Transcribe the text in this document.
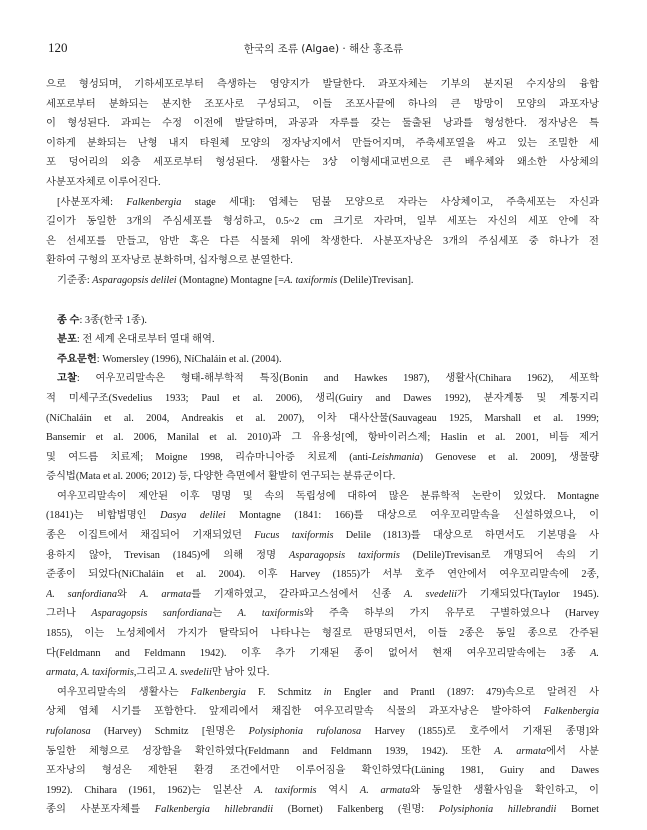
120	한국의 조류 (Algae) · 해산 홍조류
으로 형성되며, 기하세포로부터 측생하는 영양지가 발달한다. 과포자체는 기부의 분지된 수지상의 융합
세포로부터 분화되는 분지한 조포사로 구성되고, 이들 조포사끝에 하나의 큰 방망이 모양의 과포자낭
이 형성된다. 과피는 수정 이전에 발달하며, 과공과 자루를 갖는 둘출된 낭과를 형성한다. 정자낭은 특
이하게 분화되는 난형 내지 타원체 모양의 정자낭지에서 만들어지며, 주축세포열을 싸고 있는 조밀한 세
포 덩어리의 외층 세포로부터 형성된다. 생활사는 3상 이형세대교번으로 큰 배우체와 왜소한 사상체의
사분포자체로 이루어진다.
[사분포자체: Falkenbergia stage 세대]: 엽체는 덤불 모양으로 자라는 사상체이고, 주축세포는 자신과
길이가 동일한 3개의 주심세포를 형성하고, 0.5~2 cm 크기로 자라며, 일부 세포는 자신의 세포 안에 작
은 선세포를 만들고, 암반 혹은 다른 식물체 위에 착생한다. 사분포자낭은 3개의 주심세포 중 하나가 전
환하여 구형의 포자낭로 분화하며, 십자형으로 분열한다.
기준종: Asparagopsis delilei (Montagne) Montagne [=A. taxiformis (Delile)Trevisan].
종 수: 3종(한국 1종).
분포: 전 세계 온대로부터 열대 해역.
주요문헌: Womersley (1996), NíChaláin et al. (2004).
고찰: 여우꼬리말속은 형태-해부학적 특징(Bonin and Hawkes 1987), 생활사(Chihara 1962), 세포학
적 미세구조(Svedelius 1933; Paul et al. 2006), 생리(Guiry and Dawes 1992), 분자계통 및 계통지리
(NíChaláin et al. 2004, Andreakis et al. 2007), 이차 대사산물(Sauvageau 1925, Marshall et al. 1999;
Bansemir et al. 2006, Manilal et al. 2010)과 그 유용성[예, 항바이러스제; Haslin et al. 2001, 비듬 제거
및 여드름 치료제; Moigne 1998, 리슈마니아증 치료제 (anti-Leishmania) Genovese et al. 2009], 생물량
증식법(Mata et al. 2006; 2012) 등, 다양한 측면에서 활발히 연구되는 분류군이다.
여우꼬리말속이 제안된 이후 명명 및 속의 독립성에 대하여 많은 분류학적 논란이 있었다. Montagne
(1841)는 비합법명인 Dasya delilei Montagne (1841: 166)를 대상으로 여우꼬리말속을 신설하였으나, 이
종은 이집트에서 채집되어 기재되었던 Fucus taxiformis Delile (1813)를 대상으로 하면서도 기본명을 사
용하지 않아, Trevisan (1845)에 의해 정명 Asparagopsis taxiformis (Delile)Trevisan로 개명되어 속의 기
준종이 되었다(NíChaláin et al. 2004). 이후 Harvey (1855)가 서부 호주 연안에서 여우꼬리말속에 2종,
A. sanfordiana와 A. armata를 기재하였고, 갈라파고스섬에서 신종 A. svedelii가 기재되었다(Taylor 1945).
그러나 Asparagopsis sanfordiana는 A. taxiformis와 주축 하부의 가지 유무로 구별하였으나 (Harvey
1855), 이는 노성체에서 가지가 탈락되어 나타나는 형질로 판명되면서, 이들 2종은 동일 종으로 간주된
다(Feldmann and Feldmann 1942). 이후 추가 기재된 종이 없어서 현재 여우꼬리말속에는 3종 A.
armata, A. taxiformis,그리고 A. svedelii만 남아 있다.
여우꼬리말속의 생활사는 Falkenbergia F. Schmitz in Engler and Prantl (1897: 479)속으로 알려진 사
상체 엽체 시기를 포함한다. 앞제리에서 채집한 여우꼬리말속 식물의 과포자낭은 발아하여 Falkenbergia
rufolanosa (Harvey) Schmitz [원명은 Polysiphonia rufolanosa Harvey (1855)로 호주에서 기재된 종명]와
동일한 체형으로 성장함을 확인하였다(Feldmann and Feldmann 1939, 1942). 또한 A. armata에서 사분
포자낭의 형성은 제한된 환경 조건에서만 이루어짐을 확인하였다(Lüning 1981, Guiry and Dawes
1992). Chihara (1961, 1962)는 일본산 A. taxiformis 역시 A. armata와 동일한 생활사임을 확인하고, 이
종의 사분포자체를 Falkenbergia hillebrandii (Bornet) Falkenberg (원명: Polysiphonia hillebrandii Bornet
